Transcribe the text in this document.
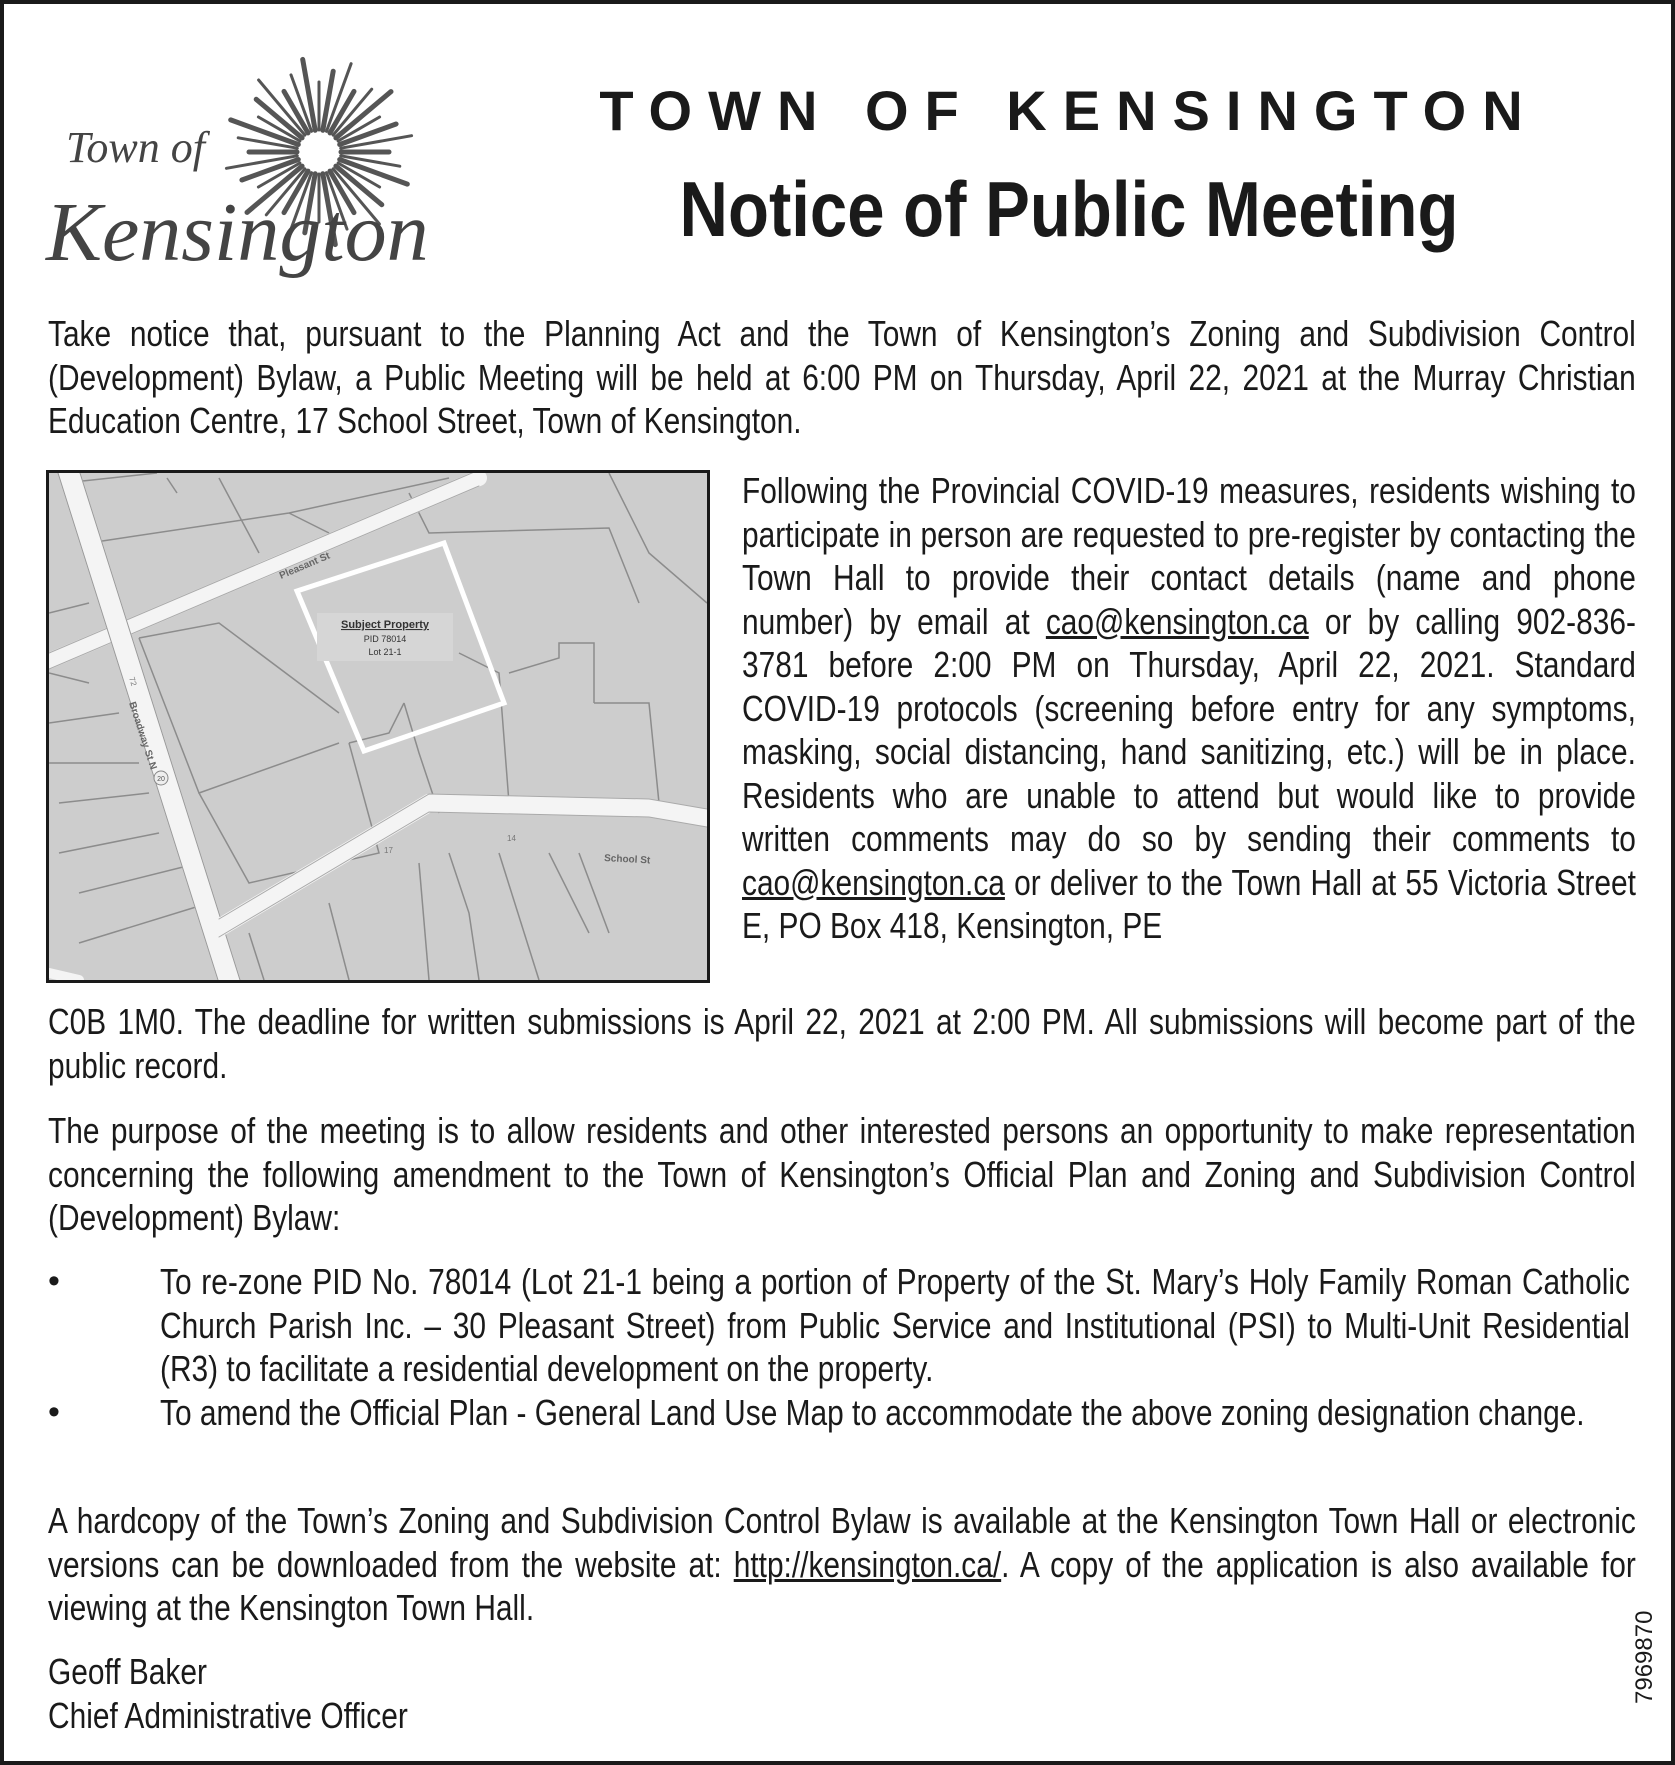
Town of
Kensington
TOWN OF KENSINGTON
Notice of Public Meeting

Take notice that, pursuant to the Planning Act and the Town of Kensington’s Zoning and Subdivision Control (Development) Bylaw, a Public Meeting will be held at 6:00 PM on Thursday, April 22, 2021 at the Murray Christian Education Centre, 17 School Street, Town of Kensington.

Subject Property
PID 78014
Lot 21-1
Pleasant St
Broadway St N
School St
20
72
17
14

Following the Provincial COVID-19 measures, residents wishing to participate in person are requested to pre-register by contacting the Town Hall to provide their contact details (name and phone number) by email at cao@kensington.ca or by calling 902-836-3781 before 2:00 PM on Thursday, April 22, 2021. Standard COVID-19 protocols (screening before entry for any symptoms, masking, social distancing, hand sanitizing, etc.) will be in place. Residents who are unable to attend but would like to provide written comments may do so by sending their comments to cao@kensington.ca or deliver to the Town Hall at 55 Victoria Street E, PO Box 418, Kensington, PE

C0B 1M0. The deadline for written submissions is April 22, 2021 at 2:00 PM. All submissions will become part of the public record.

The purpose of the meeting is to allow residents and other interested persons an opportunity to make representation concerning the following amendment to the Town of Kensington’s Official Plan and Zoning and Subdivision Control (Development) Bylaw:

•	To re-zone PID No. 78014 (Lot 21-1 being a portion of Property of the St. Mary’s Holy Family Roman Catholic Church Parish Inc. – 30 Pleasant Street) from Public Service and Institutional (PSI) to Multi-Unit Residential (R3) to facilitate a residential development on the property.

•	To amend the Official Plan - General Land Use Map to accommodate the above zoning designation change.

A hardcopy of the Town’s Zoning and Subdivision Control Bylaw is available at the Kensington Town Hall or electronic versions can be downloaded from the website at: http://kensington.ca/. A copy of the application is also available for viewing at the Kensington Town Hall.

Geoff Baker
Chief Administrative Officer
7969870
